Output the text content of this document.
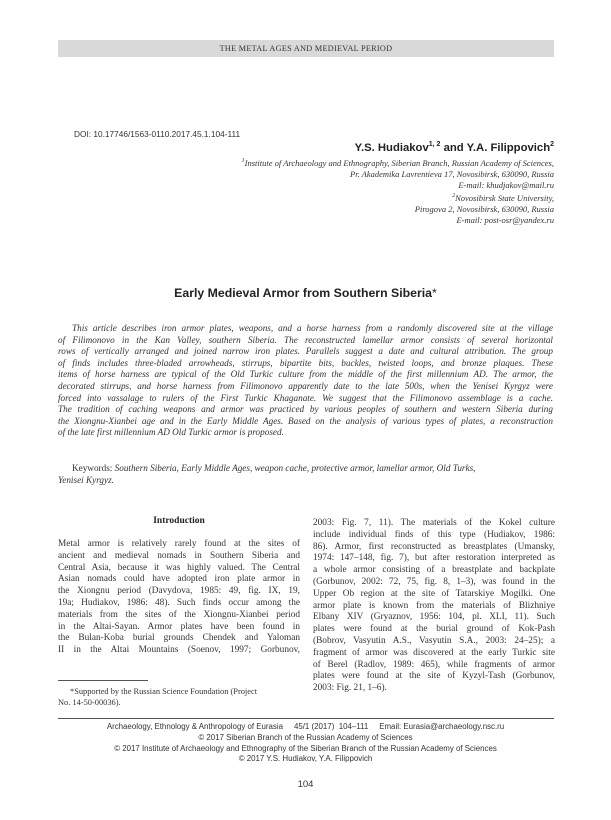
THE METAL AGES AND MEDIEVAL PERIOD
DOI: 10.17746/1563-0110.2017.45.1.104-111
Y.S. Hudiakov$^{1, 2}$ and Y.A. Filippovich$^2$
$^1$Institute of Archaeology and Ethnography, Siberian Branch, Russian Academy of Sciences,
Pr. Akademika Lavrentieva 17, Novosibirsk, 630090, Russia
E-mail: khudjakov@mail.ru
$^2$Novosibirsk State University,
Pirogova 2, Novosibirsk, 630090, Russia
E-mail: post-osr@yandex.ru
Early Medieval Armor from Southern Siberia*
This article describes iron armor plates, weapons, and a horse harness from a randomly discovered site at the village
of Filimonovo in the Kan Valley, southern Siberia. The reconstructed lamellar armor consists of several horizontal
rows of vertically arranged and joined narrow iron plates. Parallels suggest a date and cultural attribution. The group
of finds includes three-bladed arrowheads, stirrups, bipartite bits, buckles, twisted loops, and bronze plaques. These
items of horse harness are typical of the Old Turkic culture from the middle of the first millennium AD. The armor, the
decorated stirrups, and horse harness from Filimonovo apparently date to the late 500s, when the Yenisei Kyrgyz were
forced into vassalage to rulers of the First Turkic Khaganate. We suggest that the Filimonovo assemblage is a cache.
The tradition of caching weapons and armor was practiced by various peoples of southern and western Siberia during
the Xiongnu-Xianbei age and in the Early Middle Ages. Based on the analysis of various types of plates, a reconstruction
of the late first millennium AD Old Turkic armor is proposed.
Keywords: Southern Siberia, Early Middle Ages, weapon cache, protective armor, lamellar armor, Old Turks,
Yenisei Kyrgyz.
Introduction
Metal armor is relatively rarely found at the sites of
ancient and medieval nomads in Southern Siberia and
Central Asia, because it was highly valued. The Central
Asian nomads could have adopted iron plate armor in
the Xiongnu period (Davydova, 1985: 49, fig. IX, 19,
19a; Hudiakov, 1986: 48). Such finds occur among the
materials from the sites of the Xiongnu-Xianbei period
in the Altai-Sayan. Armor plates have been found in
the Bulan-Koba burial grounds Chendek and Yaloman
II in the Altai Mountains (Soenov, 1997; Gorbunov,
2003: Fig. 7, 11). The materials of the Kokel culture
include individual finds of this type (Hudiakov, 1986:
86). Armor, first reconstructed as breastplates (Umansky,
1974: 147–148, fig. 7), but after restoration interpreted as
a whole armor consisting of a breastplate and backplate
(Gorbunov, 2002: 72, 75, fig. 8, 1–3), was found in the
Upper Ob region at the site of Tatarskiye Mogilki. One
armor plate is known from the materials of Blizhniye
Elbany XIV (Gryaznov, 1956: 104, pl. XLI, 11). Such
plates were found at the burial ground of Kok-Pash
(Bobrov, Vasyutin A.S., Vasyutin S.A., 2003: 24–25); a
fragment of armor was discovered at the early Turkic site
of Berel (Radlov, 1989: 465), while fragments of armor
plates were found at the site of Kyzyl-Tash (Gorbunov,
2003: Fig. 21, 1–6).
*Supported by the Russian Science Foundation (Project
No. 14-50-00036).
Archaeology, Ethnology & Anthropology of Eurasia     45/1 (2017)  104–111     Email: Eurasia@archaeology.nsc.ru
© 2017 Siberian Branch of the Russian Academy of Sciences
© 2017 Institute of Archaeology and Ethnography of the Siberian Branch of the Russian Academy of Sciences
© 2017 Y.S. Hudiakov, Y.A. Filippovich
104
